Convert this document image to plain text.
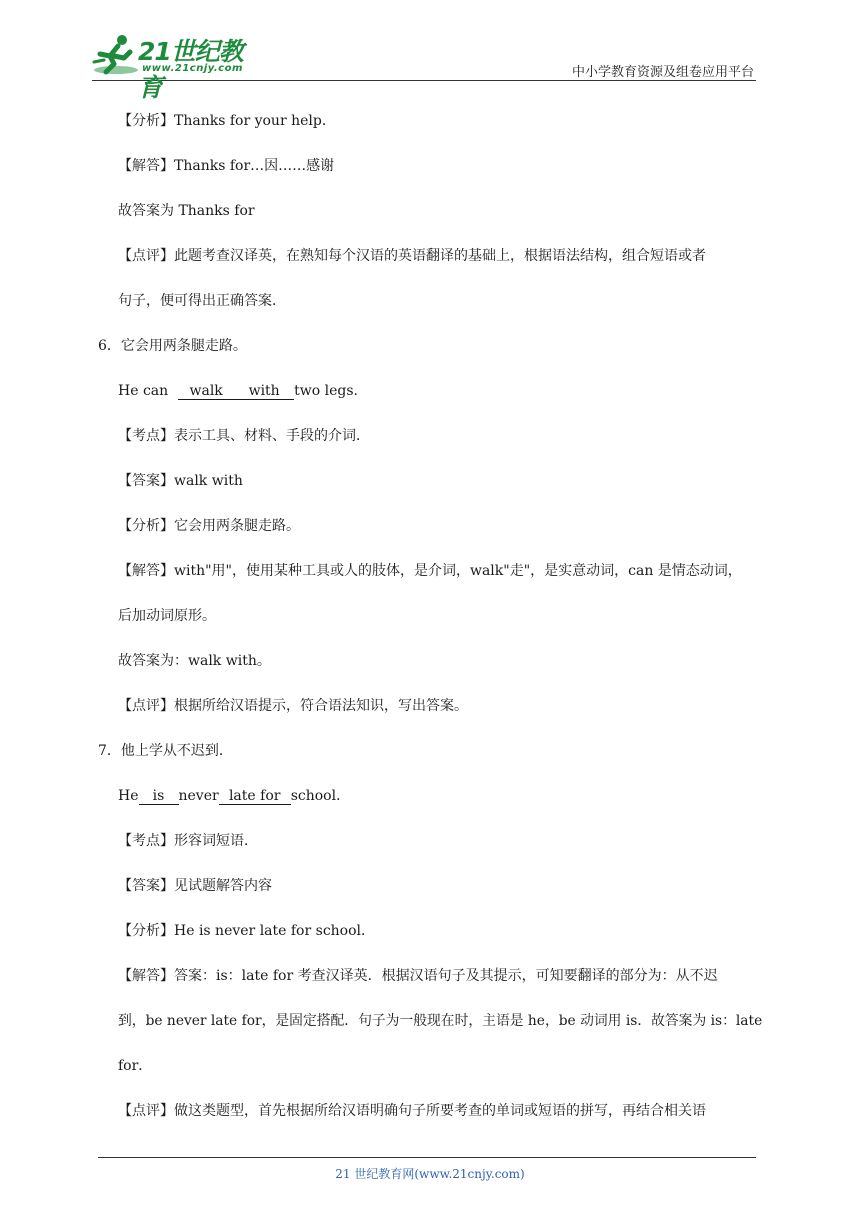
21世纪教育
www.21cnjy.com	中小学教育资源及组卷应用平台
【分析】Thanks for your help．
【解答】Thanks for…因……感谢
故答案为 Thanks for
【点评】此题考查汉译英，在熟知每个汉语的英语翻译的基础上，根据语法结构，组合短语或者
句子，便可得出正确答案．
6．它会用两条腿走路。
He can walk with two legs.
【考点】表示工具、材料、手段的介词．
【答案】walk with
【分析】它会用两条腿走路。
【解答】with"用"，使用某种工具或人的肢体，是介词，walk"走"，是实意动词，can 是情态动词，
后加动词原形。
故答案为：walk with。
【点评】根据所给汉语提示，符合语法知识，写出答案。
7．他上学从不迟到．
He is never late for school．
【考点】形容词短语．
【答案】见试题解答内容
【分析】He is never late for school．
【解答】答案：is：late for 考查汉译英．根据汉语句子及其提示，可知要翻译的部分为：从不迟
到，be never late for，是固定搭配．句子为一般现在时，主语是 he，be 动词用 is．故答案为 is：late
for．
【点评】做这类题型，首先根据所给汉语明确句子所要考查的单词或短语的拼写，再结合相关语
21 世纪教育网(www.21cnjy.com)
